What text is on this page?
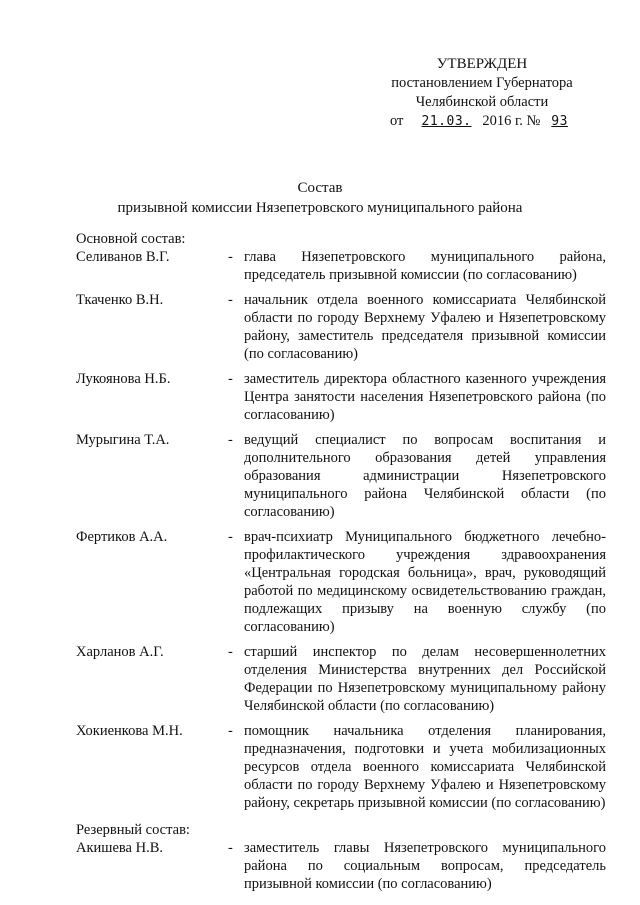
УТВЕРЖДЕН
постановлением Губернатора
Челябинской области
от 21.03. 2016 г. № 93
Состав
призывной комиссии Нязепетровского муниципального района
Основной состав:
Селиванов В.Г.	- глава Нязепетровского муниципального района, председатель призывной комиссии (по согласованию)
Ткаченко В.Н.	- начальник отдела военного комиссариата Челябинской области по городу Верхнему Уфалею и Нязепетровскому району, заместитель председателя призывной комиссии (по согласованию)
Лукоянова Н.Б.	- заместитель директора областного казенного учреждения Центра занятости населения Нязепетровского района (по согласованию)
Мурыгина Т.А.	- ведущий специалист по вопросам воспитания и дополнительного образования детей управления образования администрации Нязепетровского муниципального района Челябинской области (по согласованию)
Фертиков А.А.	- врач-психиатр Муниципального бюджетного лечебно-профилактического учреждения здравоохранения «Центральная городская больница», врач, руководящий работой по медицинскому освидетельствованию граждан, подлежащих призыву на военную службу (по согласованию)
Харланов А.Г.	- старший инспектор по делам несовершеннолетних отделения Министерства внутренних дел Российской Федерации по Нязепетровскому муниципальному району Челябинской области (по согласованию)
Хокиенкова М.Н.	- помощник начальника отделения планирования, предназначения, подготовки и учета мобилизационных ресурсов отдела военного комиссариата Челябинской области по городу Верхнему Уфалею и Нязепетровскому району, секретарь призывной комиссии (по согласованию)
Резервный состав:
Акишева Н.В.	- заместитель главы Нязепетровского муниципального района по социальным вопросам, председатель призывной комиссии (по согласованию)
